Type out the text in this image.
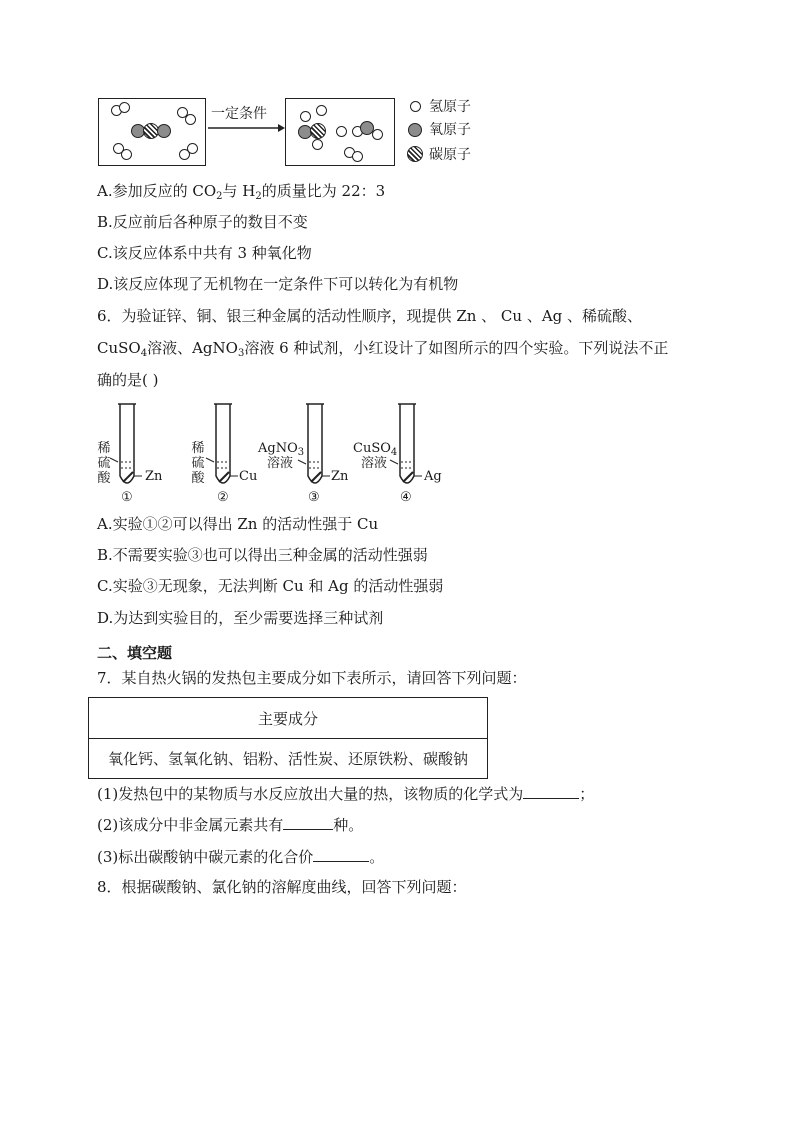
一定条件	氢原子
氧原子
碳原子
A.参加反应的 $CO_2$与 $H_2$的质量比为 22：3
B.反应前后各种原子的数目不变
C.该反应体系中共有 3 种氧化物
D.该反应体现了无机物在一定条件下可以转化为有机物
6．为验证锌、铜、银三种金属的活动性顺序，现提供 Zn 、 Cu 、Ag 、稀硫酸、
CuSO$_4$溶液、AgNO$_3$溶液 6 种试剂，小红设计了如图所示的四个实验。下列说法不正
确的是( )
稀
硫
酸	Zn
①
稀
硫
酸	Cu
②
AgNO$_3$
溶液
Zn
③
CuSO$_4$
溶液
Ag
④
A.实验①②可以得出 Zn 的活动性强于 Cu
B.不需要实验③也可以得出三种金属的活动性强弱
C.实验③无现象，无法判断 Cu 和 Ag 的活动性强弱
D.为达到实验目的，至少需要选择三种试剂
二、填空题
7．某自热火锅的发热包主要成分如下表所示，请回答下列问题：
主要成分
氧化钙、氢氧化钠、铝粉、活性炭、还原铁粉、碳酸钠
(1)发热包中的某物质与水反应放出大量的热，该物质的化学式为	；
(2)该成分中非金属元素共有	种。
(3)标出碳酸钠中碳元素的化合价	。
8．根据碳酸钠、氯化钠的溶解度曲线，回答下列问题：
